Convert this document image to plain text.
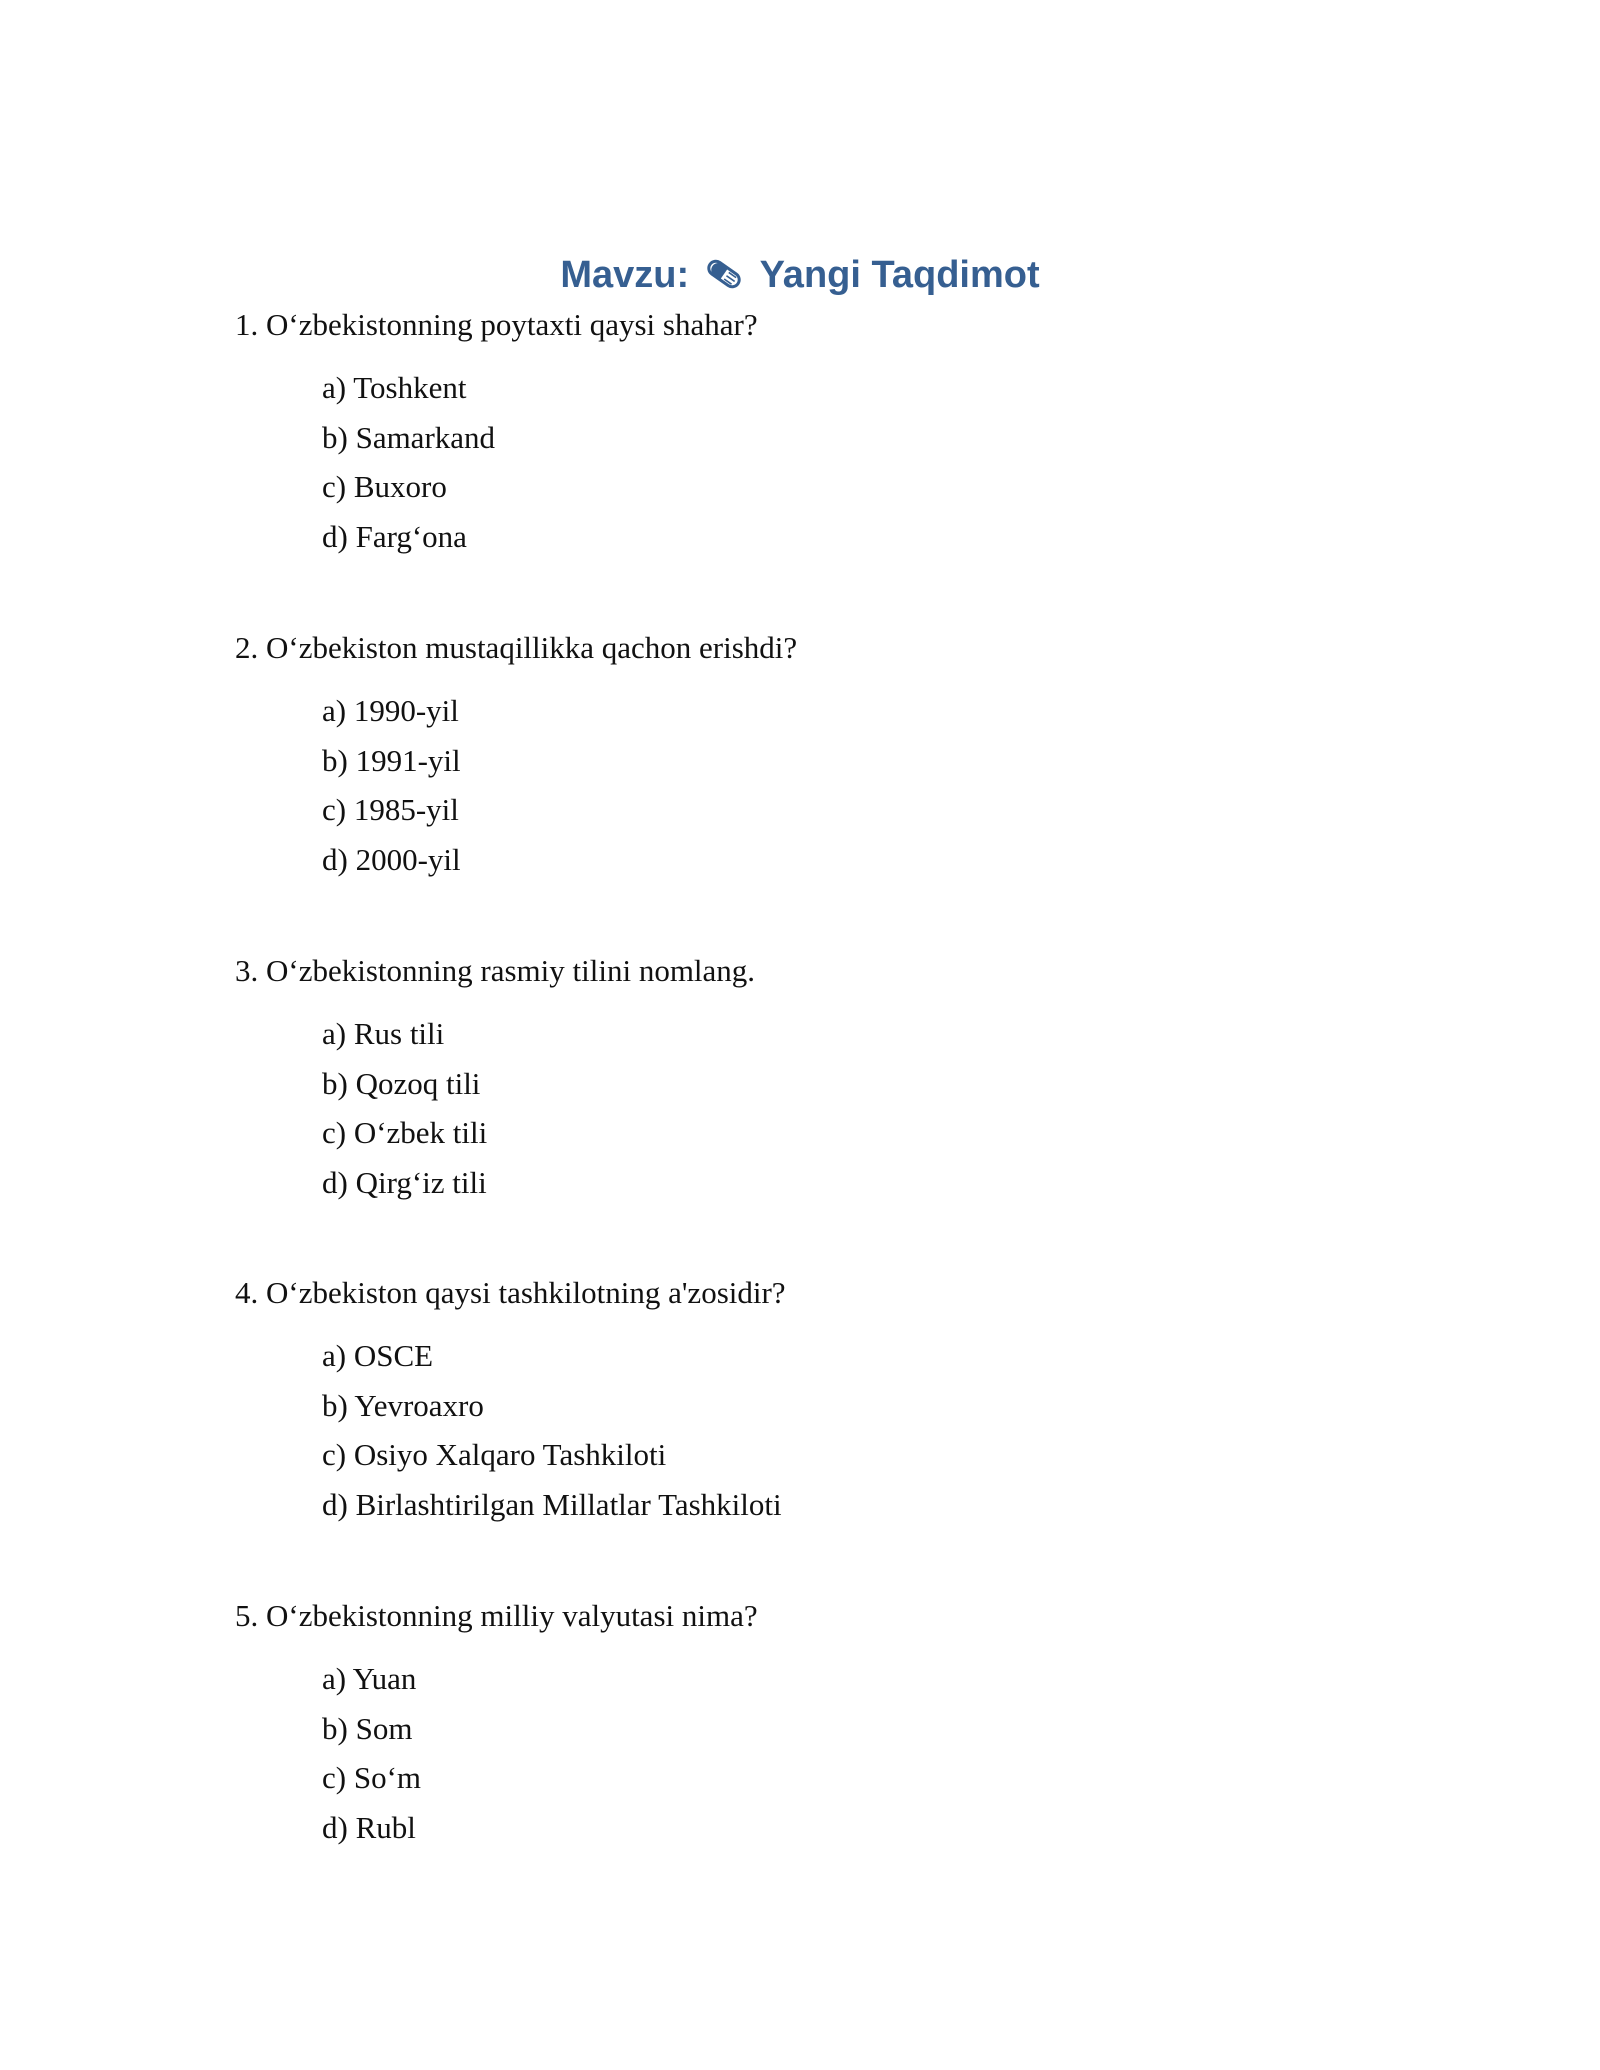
Mavzu: Yangi Taqdimot

1. O‘zbekistonning poytaxti qaysi shahar?

a) Toshkent
b) Samarkand
c) Buxoro
d) Farg‘ona

2. O‘zbekiston mustaqillikka qachon erishdi?

a) 1990-yil
b) 1991-yil
c) 1985-yil
d) 2000-yil

3. O‘zbekistonning rasmiy tilini nomlang.

a) Rus tili
b) Qozoq tili
c) O‘zbek tili
d) Qirg‘iz tili

4. O‘zbekiston qaysi tashkilotning a'zosidir?

a) OSCE
b) Yevroaxro
c) Osiyo Xalqaro Tashkiloti
d) Birlashtirilgan Millatlar Tashkiloti

5. O‘zbekistonning milliy valyutasi nima?

a) Yuan
b) Som
c) So‘m
d) Rubl
